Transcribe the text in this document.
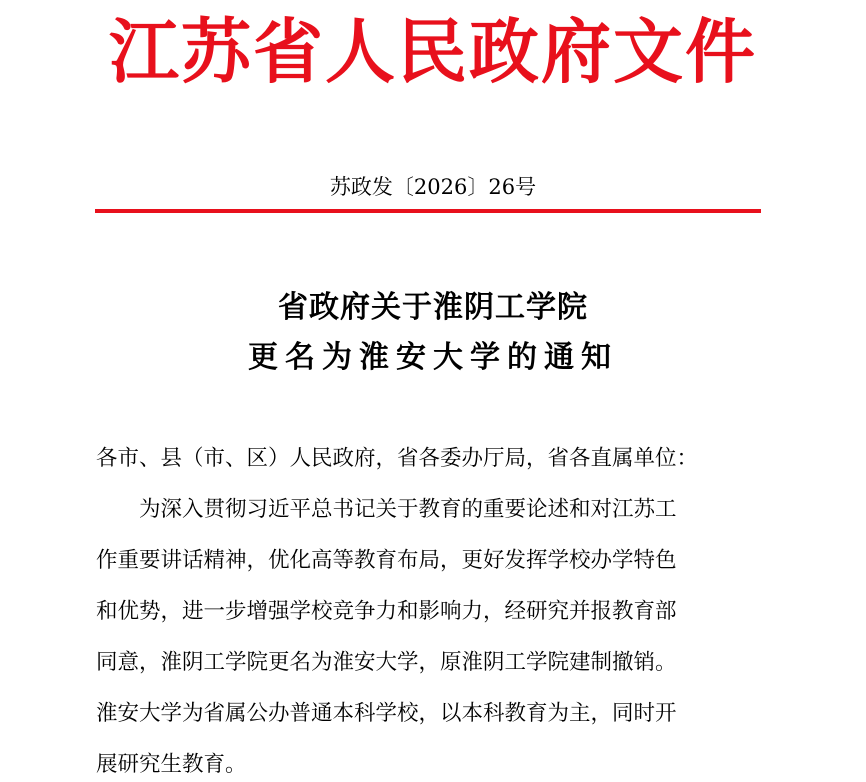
江苏省人民政府文件
苏政发〔2026〕26号
省政府关于淮阴工学院
更名为淮安大学的通知
各市、县（市、区）人民政府，省各委办厅局，省各直属单位：
　　为深入贯彻习近平总书记关于教育的重要论述和对江苏工
作重要讲话精神，优化高等教育布局，更好发挥学校办学特色
和优势，进一步增强学校竞争力和影响力，经研究并报教育部
同意，淮阴工学院更名为淮安大学，原淮阴工学院建制撤销。
淮安大学为省属公办普通本科学校，以本科教育为主，同时开
展研究生教育。
